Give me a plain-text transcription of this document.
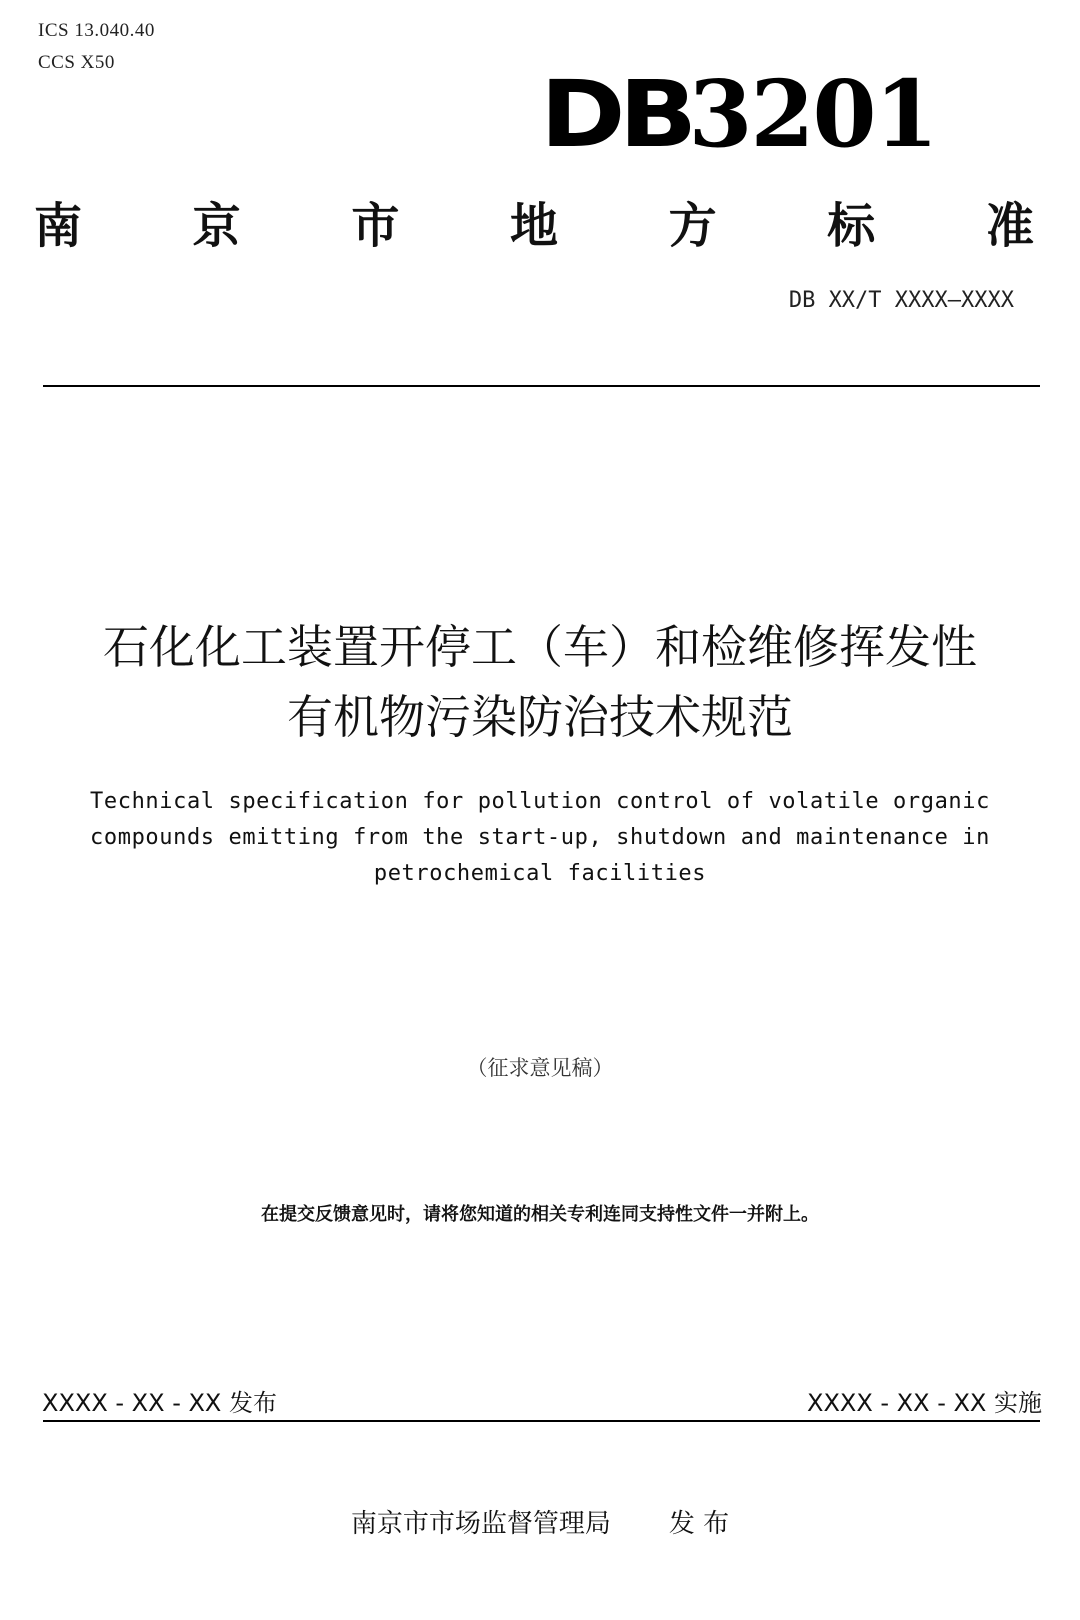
ICS 13.040.40
CCS X50	DB3201
南 京 市 地 方 标 准
DB XX/T XXXX—XXXX
石化化工装置开停工（车）和检维修挥发性
有机物污染防治技术规范
Technical specification for pollution control of volatile organic
compounds emitting from the start-up, shutdown and maintenance in
petrochemical facilities
（征求意见稿）
在提交反馈意见时，请将您知道的相关专利连同支持性文件一并附上。
XXXX - XX - XX 发布	XXXX - XX - XX 实施
南京市市场监督管理局 发 布
